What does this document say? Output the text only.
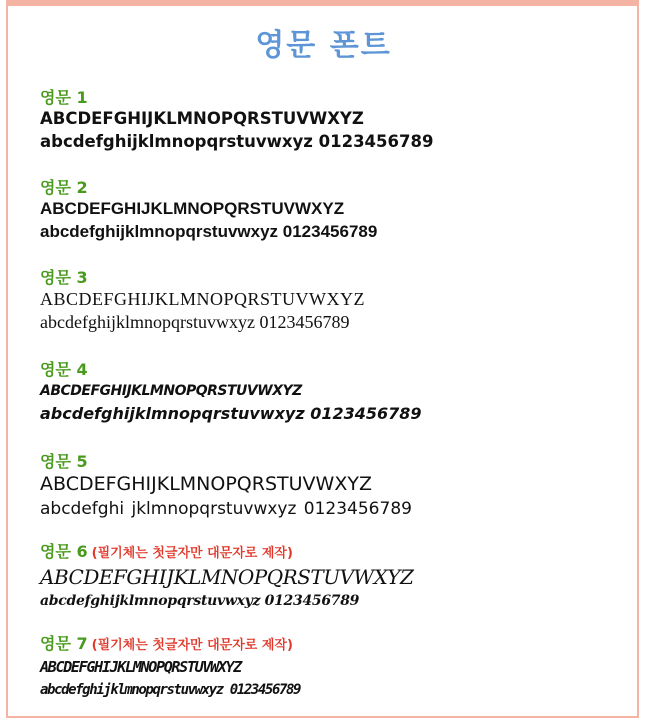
영문 폰트
영문 1
ABCDEFGHIJKLMNOPQRSTUVWXYZ
abcdefghijklmnopqrstuvwxyz 0123456789
영문 2
ABCDEFGHIJKLMNOPQRSTUVWXYZ
abcdefghijklmnopqrstuvwxyz 0123456789
영문 3
ABCDEFGHIJKLMNOPQRSTUVWXYZ
abcdefghijklmnopqrstuvwxyz 0123456789
영문 4
ABCDEFGHIJKLMNOPQRSTUVWXYZ
abcdefghijklmnopqrstuvwxyz 0123456789
영문 5
ABCDEFGHIJKLMNOPQRSTUVWXYZ
abcdefghi jklmnopqrstuvwxyz 0123456789
영문 6 (필기체는 첫글자만 대문자로 제작)
ABCDEFGHIJKLMNOPQRSTUVWXYZ
abcdefghijklmnopqrstuvwxyz 0123456789
영문 7 (필기체는 첫글자만 대문자로 제작)
ABCDEFGHIJKLMNOPQRSTUVWXYZ
abcdefghijklmnopqrstuvwxyz 0123456789
